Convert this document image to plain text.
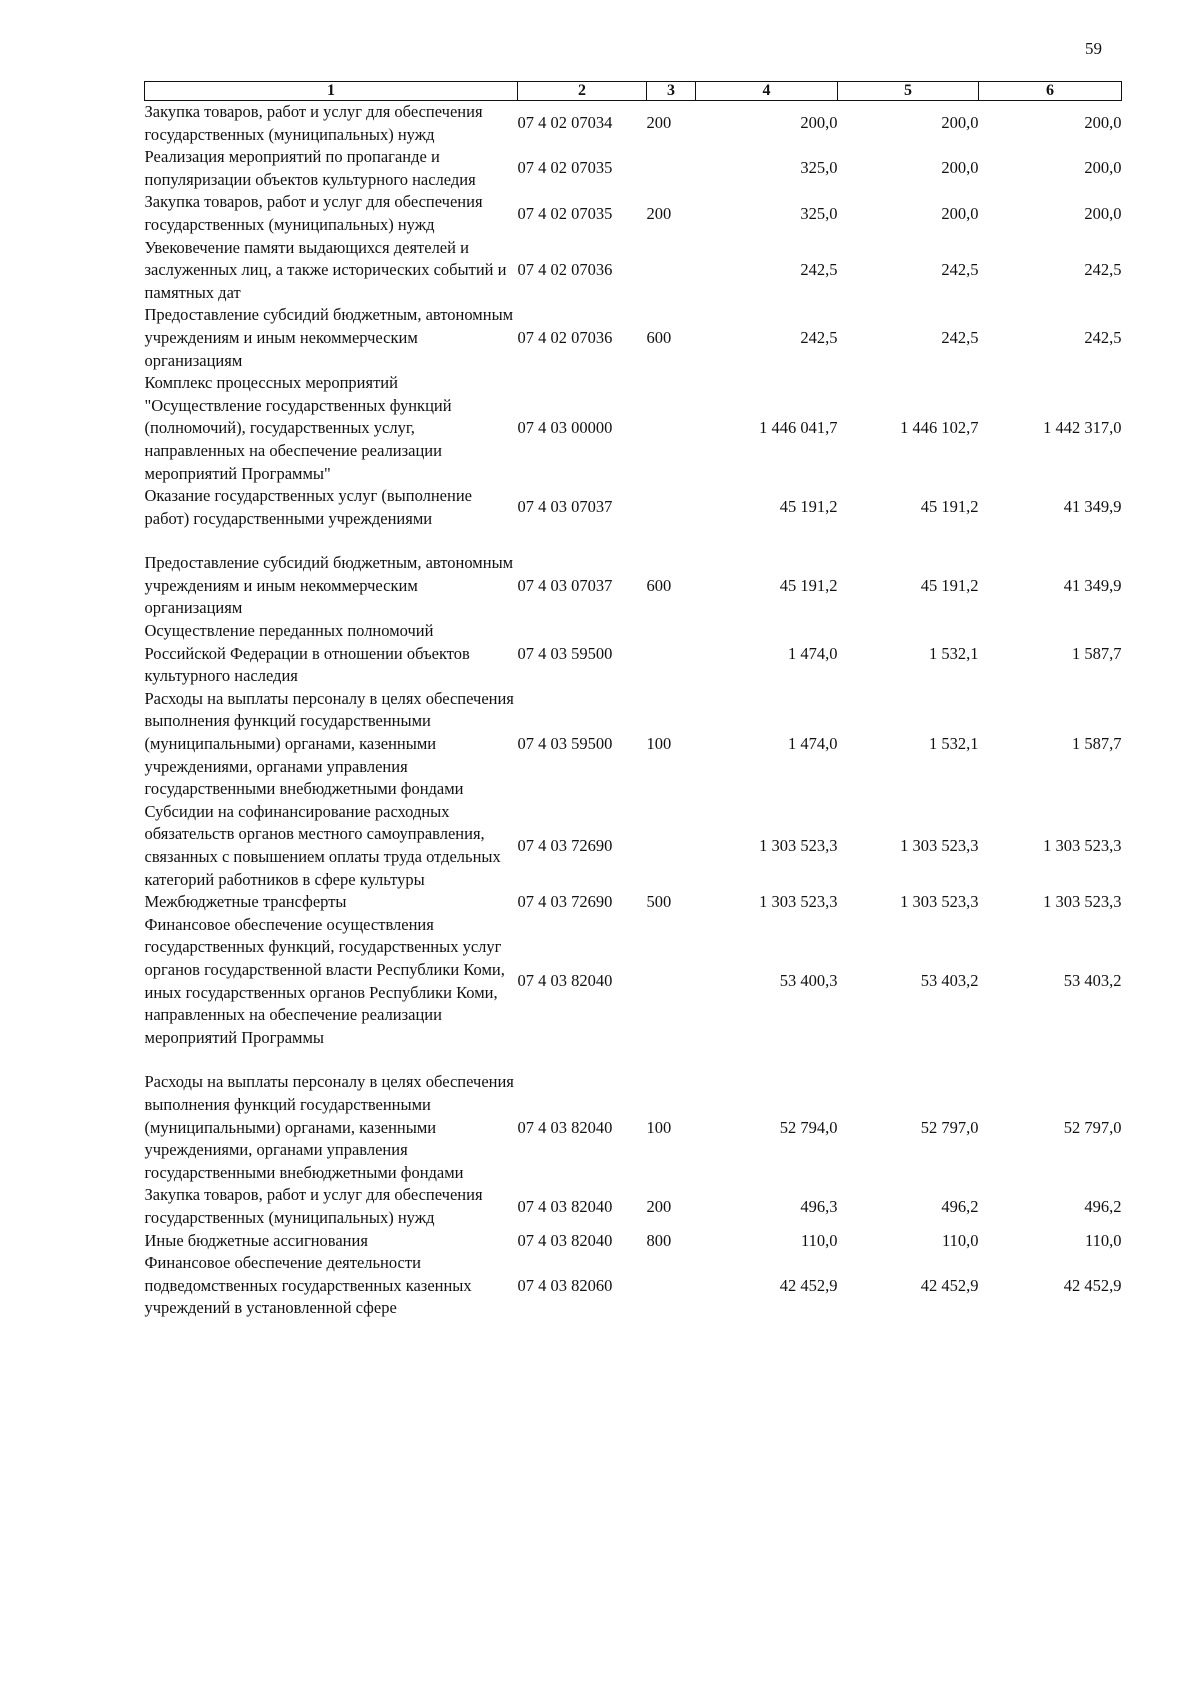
59
1	2	3	4	5	6
Закупка товаров, работ и услуг для обеспечения государственных (муниципальных) нужд	07 4 02 07034	200	200,0	200,0	200,0
Реализация мероприятий по пропаганде и популяризации объектов культурного наследия	07 4 02 07035		325,0	200,0	200,0
Закупка товаров, работ и услуг для обеспечения государственных (муниципальных) нужд	07 4 02 07035	200	325,0	200,0	200,0
Увековечение памяти выдающихся деятелей и заслуженных лиц, а также исторических событий и памятных дат	07 4 02 07036		242,5	242,5	242,5
Предоставление субсидий бюджетным, автономным учреждениям и иным некоммерческим организациям	07 4 02 07036	600	242,5	242,5	242,5
Комплекс процессных мероприятий "Осуществление государственных функций (полномочий), государственных услуг, направленных на обеспечение реализации мероприятий Программы"	07 4 03 00000		1 446 041,7	1 446 102,7	1 442 317,0
Оказание государственных услуг (выполнение работ) государственными учреждениями	07 4 03 07037		45 191,2	45 191,2	41 349,9

Предоставление субсидий бюджетным, автономным учреждениям и иным некоммерческим организациям	07 4 03 07037	600	45 191,2	45 191,2	41 349,9
Осуществление переданных полномочий Российской Федерации в отношении объектов культурного наследия	07 4 03 59500		1 474,0	1 532,1	1 587,7
Расходы на выплаты персоналу в целях обеспечения выполнения функций государственными (муниципальными) органами, казенными учреждениями, органами управления государственными внебюджетными фондами	07 4 03 59500	100	1 474,0	1 532,1	1 587,7
Субсидии на софинансирование расходных обязательств органов местного самоуправления, связанных с повышением оплаты труда отдельных категорий работников в сфере культуры	07 4 03 72690		1 303 523,3	1 303 523,3	1 303 523,3
Межбюджетные трансферты	07 4 03 72690	500	1 303 523,3	1 303 523,3	1 303 523,3
Финансовое обеспечение осуществления государственных функций, государственных услуг органов государственной власти Республики Коми, иных государственных органов Республики Коми, направленных на обеспечение реализации мероприятий Программы	07 4 03 82040		53 400,3	53 403,2	53 403,2

Расходы на выплаты персоналу в целях обеспечения выполнения функций государственными (муниципальными) органами, казенными учреждениями, органами управления государственными внебюджетными фондами	07 4 03 82040	100	52 794,0	52 797,0	52 797,0
Закупка товаров, работ и услуг для обеспечения государственных (муниципальных) нужд	07 4 03 82040	200	496,3	496,2	496,2
Иные бюджетные ассигнования	07 4 03 82040	800	110,0	110,0	110,0
Финансовое обеспечение деятельности подведомственных государственных казенных учреждений в установленной сфере	07 4 03 82060		42 452,9	42 452,9	42 452,9
